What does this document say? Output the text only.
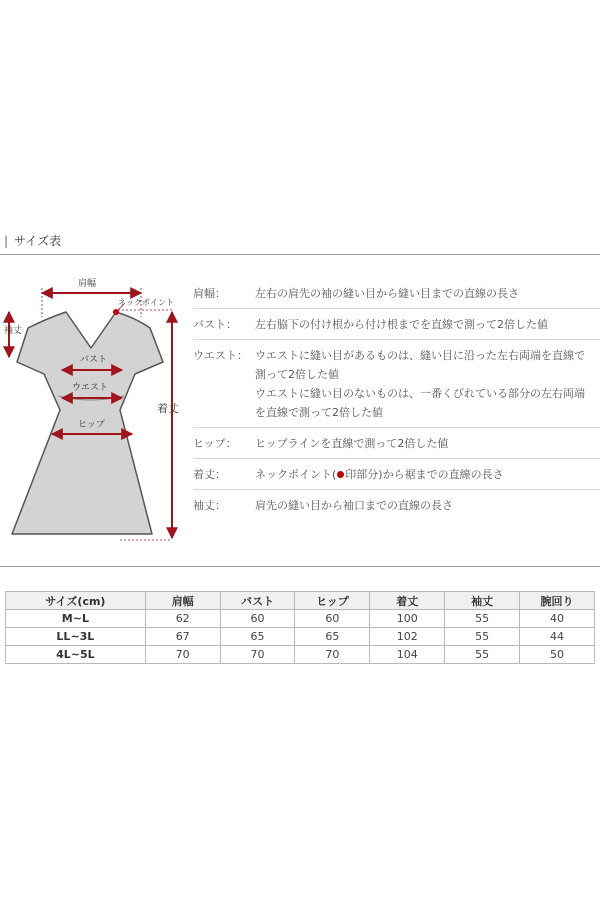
| サイズ表
肩幅
ネックポイント
袖丈
バスト
ウエスト
ヒップ
着丈
肩幅：	左右の肩先の袖の縫い目から縫い目までの直線の長さ
バスト：	左右脇下の付け根から付け根までを直線で測って2倍した値
ウエスト： ウエストに縫い目があるものは、縫い目に沿った左右両端を直線で
測って2倍した値
ウエストに縫い目のないものは、一番くびれている部分の左右両端
を直線で測って2倍した値
ヒップ：	ヒップラインを直線で測って2倍した値
着丈：	ネックポイント( 印部分)から裾までの直線の長さ
袖丈：	肩先の縫い目から袖口までの直線の長さ
サイズ(cm)	肩幅	バスト	ヒップ	着丈	袖丈	腕回り
M~L	62	60	60	100	55	40
LL~3L	67	65	65	102	55	44
4L~5L	70	70	70	104	55	50
